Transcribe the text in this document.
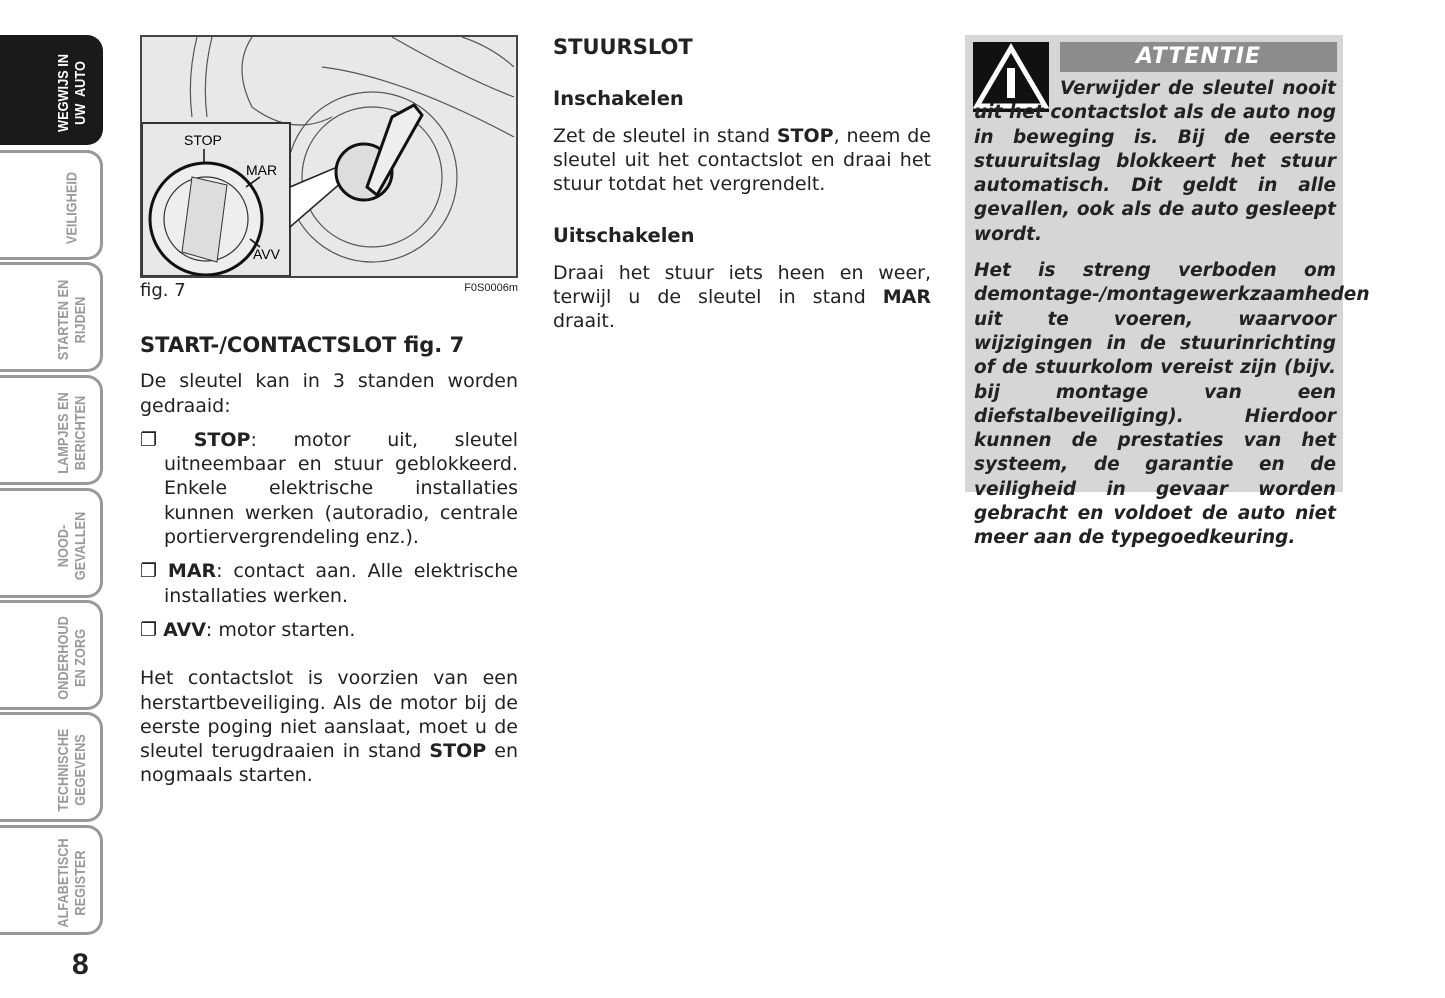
WEGWIJS IN
UW  AUTO
VEILIGHEID
STARTEN EN
RIJDEN
LAMPJES EN
BERICHTEN
NOOD-
GEVALLEN
ONDERHOUD
EN ZORG
TECHNISCHE
GEGEVENS
ALFABETISCH
REGISTER
8
STOP
MAR
AVV
fig. 7	F0S0006m
START-/CONTACTSLOT fig. 7

De sleutel kan in 3 standen worden gedraaid:

❐ STOP: motor uit, sleutel uitneembaar en stuur geblokkeerd. Enkele elektrische installaties kunnen werken (autoradio, centrale portiervergrendeling enz.).

❐ MAR: contact aan. Alle elektrische installaties werken.

❐ AVV: motor starten.

Het contactslot is voorzien van een herstartbeveiliging. Als de motor bij de eerste poging niet aanslaat, moet u de sleutel terugdraaien in stand STOP en nogmaals starten.

STUURSLOT
Inschakelen

Zet de sleutel in stand STOP, neem de sleutel uit het contactslot en draai het stuur totdat het vergrendelt.

Uitschakelen

Draai het stuur iets heen en weer, terwijl u de sleutel in stand MAR draait.

ATTENTIE

Verwijder de sleutel nooit uit het contactslot als de auto nog in beweging is. Bij de eerste stuuruitslag blokkeert het stuur automatisch. Dit geldt in alle gevallen, ook als de auto gesleept wordt.

Het is streng verboden om demontage-/montagewerkzaamheden uit te voeren, waarvoor wijzigingen in de stuurinrichting of de stuurkolom vereist zijn (bijv. bij montage van een diefstalbeveiliging). Hierdoor kunnen de prestaties van het systeem, de garantie en de veiligheid in gevaar worden gebracht en voldoet de auto niet meer aan de typegoedkeuring.
